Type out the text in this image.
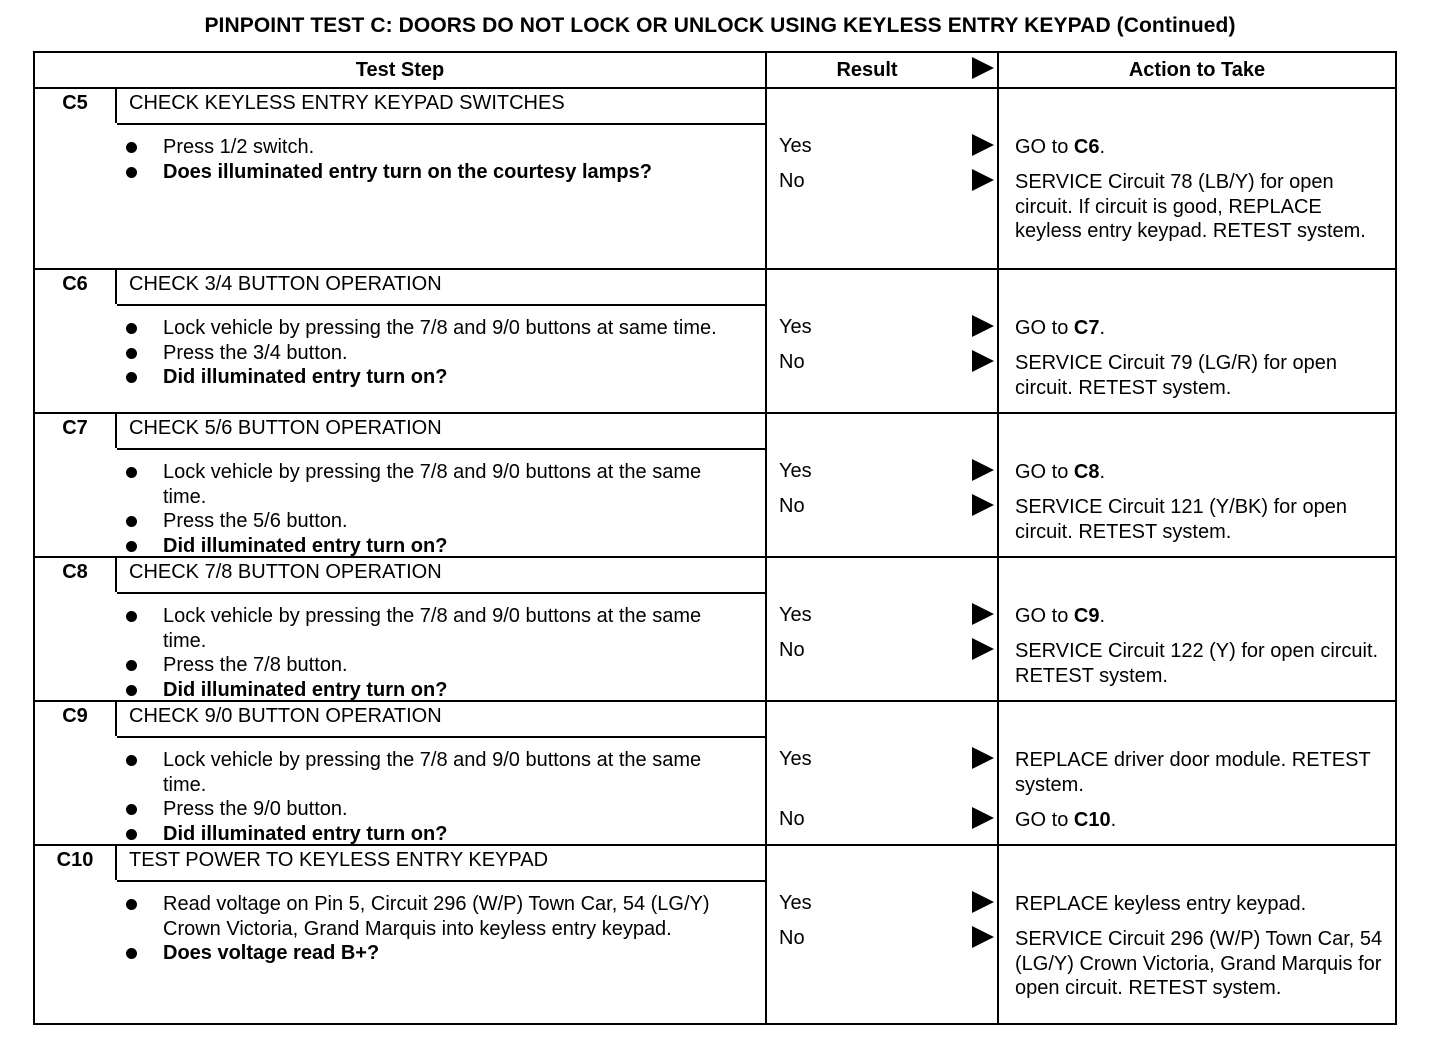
PINPOINT TEST C: DOORS DO NOT LOCK OR UNLOCK USING KEYLESS ENTRY KEYPAD (Continued)
Test Step	Result	Action to Take
C5	CHECK KEYLESS ENTRY KEYPAD SWITCHES
Press 1/2 switch.
Does illuminated entry turn on the courtesy lamps?
Yes	GO to C6.
No	SERVICE Circuit 78 (LB/Y) for open circuit. If circuit is good, REPLACE keyless entry keypad. RETEST system.
C6	CHECK 3/4 BUTTON OPERATION
Lock vehicle by pressing the 7/8 and 9/0 buttons at same time.
Press the 3/4 button.
Did illuminated entry turn on?
Yes	GO to C7.
No	SERVICE Circuit 79 (LG/R) for open circuit. RETEST system.
C7	CHECK 5/6 BUTTON OPERATION
Lock vehicle by pressing the 7/8 and 9/0 buttons at the same time.
Press the 5/6 button.
Did illuminated entry turn on?
Yes	GO to C8.
No	SERVICE Circuit 121 (Y/BK) for open circuit. RETEST system.
C8	CHECK 7/8 BUTTON OPERATION
Lock vehicle by pressing the 7/8 and 9/0 buttons at the same time.
Press the 7/8 button.
Did illuminated entry turn on?
Yes	GO to C9.
No	SERVICE Circuit 122 (Y) for open circuit. RETEST system.
C9	CHECK 9/0 BUTTON OPERATION
Lock vehicle by pressing the 7/8 and 9/0 buttons at the same time.
Press the 9/0 button.
Did illuminated entry turn on?
Yes	REPLACE driver door module. RETEST system.
No	GO to C10.
C10	TEST POWER TO KEYLESS ENTRY KEYPAD
Read voltage on Pin 5, Circuit 296 (W/P) Town Car, 54 (LG/Y) Crown Victoria, Grand Marquis into keyless entry keypad.
Does voltage read B+?
Yes	REPLACE keyless entry keypad.
No	SERVICE Circuit 296 (W/P) Town Car, 54 (LG/Y) Crown Victoria, Grand Marquis for open circuit. RETEST system.
